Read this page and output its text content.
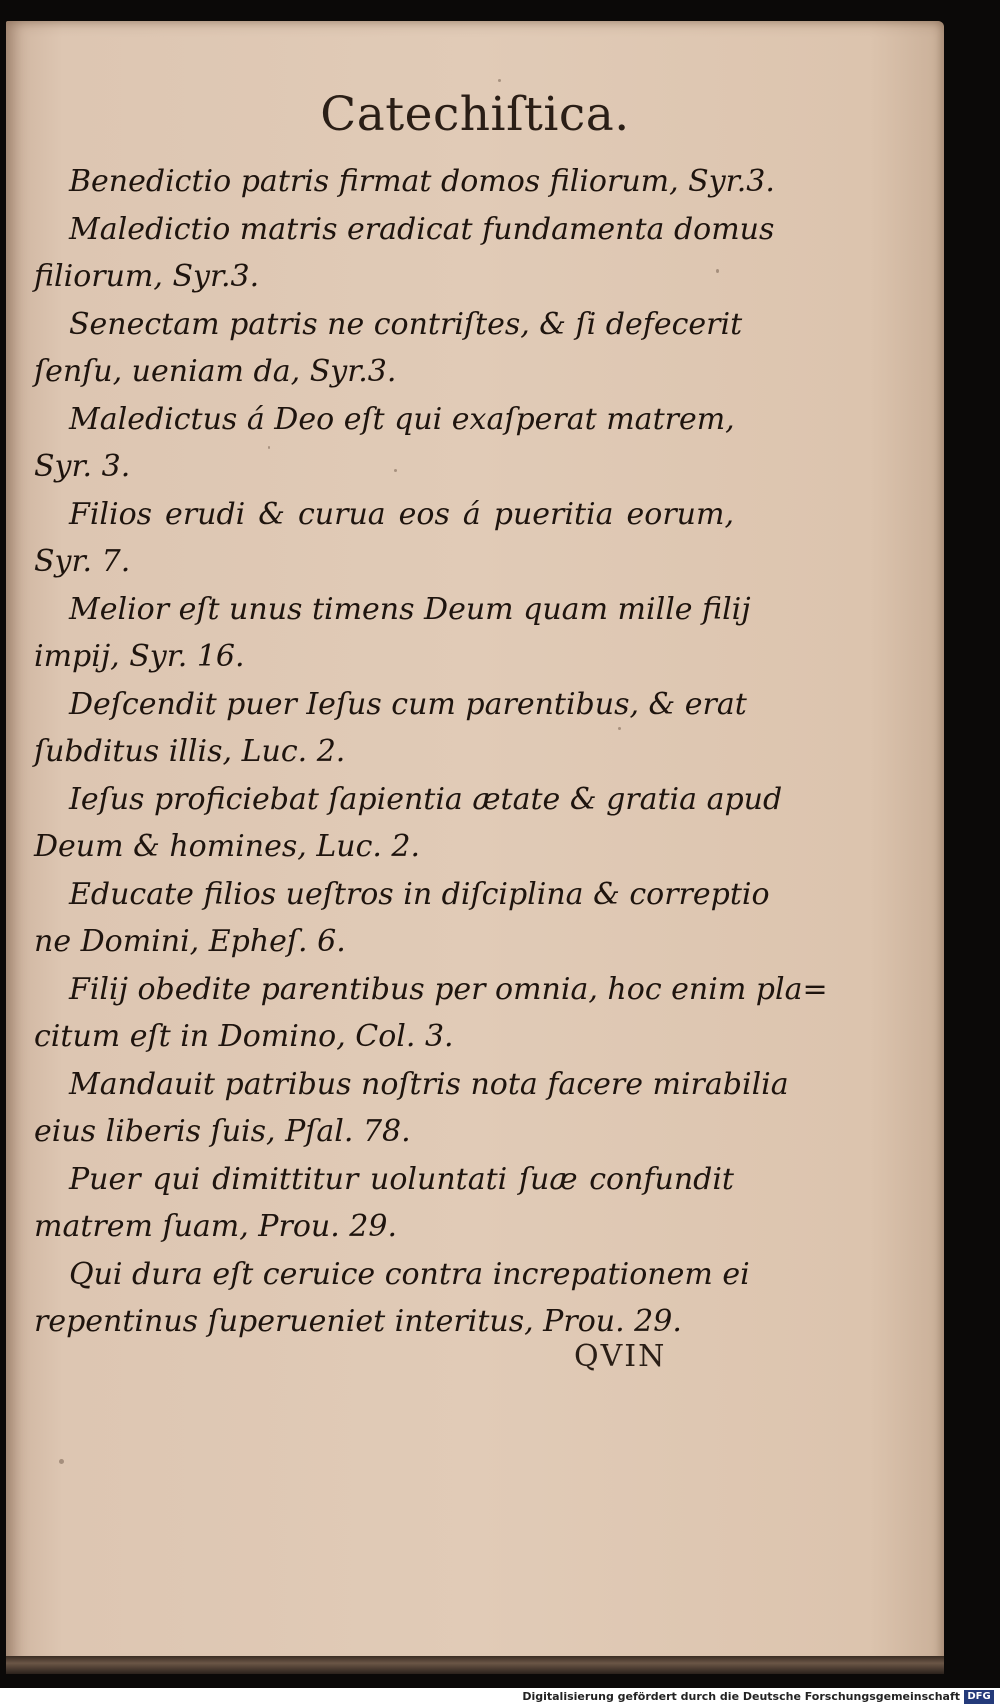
Catechiſtica.
Benedictio patris firmat domos filiorum, Syr.3.
Maledictio matris eradicat fundamenta domus
filiorum, Syr.3.
Senectam patris ne contriſtes, & ſi defecerit
ſenſu, ueniam da, Syr.3.
Maledictus á Deo eſt qui exaſperat matrem,
Syr. 3.
Filios erudi & curua eos á pueritia eorum,
Syr. 7.
Melior eſt unus timens Deum quam mille filij
impij, Syr. 16.
Deſcendit puer Ieſus cum parentibus, & erat
ſubditus illis, Luc. 2.
Ieſus proficiebat ſapientia ætate & gratia apud
Deum & homines, Luc. 2.
Educate filios ueſtros in diſciplina & correptio
ne Domini, Epheſ. 6.
Filij obedite parentibus per omnia, hoc enim pla=
citum eſt in Domino, Col. 3.
Mandauit patribus noſtris nota facere mirabilia
eius liberis ſuis, Pſal. 78.
Puer qui dimittitur uoluntati ſuæ confundit
matrem ſuam, Prou. 29.
Qui dura eſt ceruice contra increpationem ei
repentinus ſuperueniet interitus, Prou. 29.
QVIN
Digitalisierung gefördert durch die Deutsche Forschungsgemeinschaft DFG
